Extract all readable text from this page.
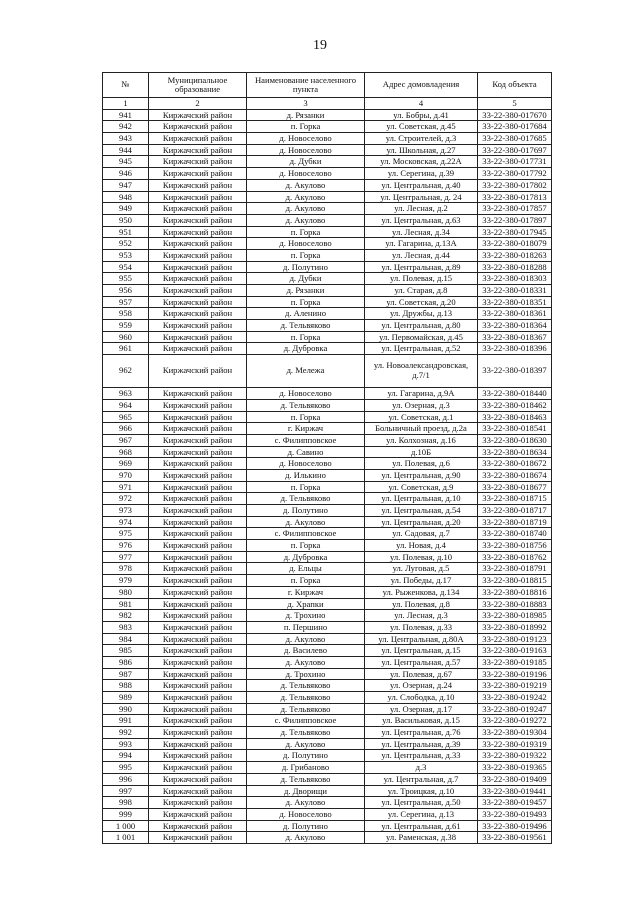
19
№	Муниципальное образование	Наименование населенного пункта	Адрес домовладения	Код объекта
1	2	3	4	5
941	Киржачский район	д. Рязанки	ул. Бобры, д.41	33-22-380-017670
942	Киржачский район	п. Горка	ул. Советская, д.45	33-22-380-017684
943	Киржачский район	д. Новоселово	ул. Строителей, д.3	33-22-380-017685
944	Киржачский район	д. Новоселово	ул. Школьная, д.27	33-22-380-017697
945	Киржачский район	д. Дубки	ул. Московская, д.22А	33-22-380-017731
946	Киржачский район	д. Новоселово	ул. Серегина, д.39	33-22-380-017792
947	Киржачский район	д. Акулово	ул. Центральная, д.40	33-22-380-017802
948	Киржачский район	д. Акулово	ул. Центральная, д. 24	33-22-380-017813
949	Киржачский район	д. Акулово	ул. Лесная, д.2	33-22-380-017857
950	Киржачский район	д. Акулово	ул. Центральная, д.63	33-22-380-017897
951	Киржачский район	п. Горка	ул. Лесная, д.34	33-22-380-017945
952	Киржачский район	д. Новоселово	ул. Гагарина, д.13А	33-22-380-018079
953	Киржачский район	п. Горка	ул. Лесная, д.44	33-22-380-018263
954	Киржачский район	д. Полутино	ул. Центральная, д.89	33-22-380-018288
955	Киржачский район	д. Дубки	ул. Полевая, д.15	33-22-380-018303
956	Киржачский район	д. Рязанки	ул. Старая, д.8	33-22-380-018331
957	Киржачский район	п. Горка	ул. Советская, д.20	33-22-380-018351
958	Киржачский район	д. Аленино	ул. Дружбы, д.13	33-22-380-018361
959	Киржачский район	д. Тельвяково	ул. Центральная, д.80	33-22-380-018364
960	Киржачский район	п. Горка	ул. Первомайская, д.45	33-22-380-018367
961	Киржачский район	д. Дубровка	ул. Центральная, д.52	33-22-380-018396
962	Киржачский район	д. Мележа	ул. Новоалександровская, д.7/1	33-22-380-018397
963	Киржачский район	д. Новоселово	ул. Гагарина, д.9А	33-22-380-018440
964	Киржачский район	д. Тельвяково	ул. Озерная, д.3	33-22-380-018462
965	Киржачский район	п. Горка	ул. Советская, д.1	33-22-380-018463
966	Киржачский район	г. Киржач	Больничный проезд, д.2а	33-22-380-018541
967	Киржачский район	с. Филипповское	ул. Колхозная, д.16	33-22-380-018630
968	Киржачский район	д. Савино	д.10Б	33-22-380-018634
969	Киржачский район	д. Новоселово	ул. Полевая, д.6	33-22-380-018672
970	Киржачский район	д. Илькино	ул. Центральная, д.90	33-22-380-018674
971	Киржачский район	п. Горка	ул. Советская, д.9	33-22-380-018677
972	Киржачский район	д. Тельвяково	ул. Центральная, д.10	33-22-380-018715
973	Киржачский район	д. Полутино	ул. Центральная, д.54	33-22-380-018717
974	Киржачский район	д. Акулово	ул. Центральная, д.20	33-22-380-018719
975	Киржачский район	с. Филипповское	ул. Садовая, д.7	33-22-380-018740
976	Киржачский район	п. Горка	ул. Новая, д.4	33-22-380-018756
977	Киржачский район	д. Дубровка	ул. Полевая, д.10	33-22-380-018762
978	Киржачский район	д. Ельцы	ул. Луговая, д.5	33-22-380-018791
979	Киржачский район	п. Горка	ул. Победы, д.17	33-22-380-018815
980	Киржачский район	г. Киржач	ул. Рыженкова, д.134	33-22-380-018816
981	Киржачский район	д. Храпки	ул. Полевая, д.8	33-22-380-018883
982	Киржачский район	д. Трохино	ул. Лесная, д.3	33-22-380-018985
983	Киржачский район	п. Першино	ул. Полевая, д.33	33-22-380-018992
984	Киржачский район	д. Акулово	ул. Центральная, д.80А	33-22-380-019123
985	Киржачский район	д. Василево	ул. Центральная, д.15	33-22-380-019163
986	Киржачский район	д. Акулово	ул. Центральная, д.57	33-22-380-019185
987	Киржачский район	д. Трохино	ул. Полевая, д.67	33-22-380-019196
988	Киржачский район	д. Тельвяково	ул. Озерная, д.24	33-22-380-019219
989	Киржачский район	д. Тельвяково	ул. Слободка, д.10	33-22-380-019242
990	Киржачский район	д. Тельвяково	ул. Озерная, д.17	33-22-380-019247
991	Киржачский район	с. Филипповское	ул. Васильковая, д.15	33-22-380-019272
992	Киржачский район	д. Тельвяково	ул. Центральная, д.76	33-22-380-019304
993	Киржачский район	д. Акулово	ул. Центральная, д.39	33-22-380-019319
994	Киржачский район	д. Полутино	ул. Центральная, д.33	33-22-380-019322
995	Киржачский район	д. Грибаново	д.3	33-22-380-019365
996	Киржачский район	д. Тельвяково	ул. Центральная, д.7	33-22-380-019409
997	Киржачский район	д. Дворищи	ул. Троицкая, д.10	33-22-380-019441
998	Киржачский район	д. Акулово	ул. Центральная, д.50	33-22-380-019457
999	Киржачский район	д. Новоселово	ул. Серегина, д.13	33-22-380-019493
1 000	Киржачский район	д. Полутино	ул. Центральная, д.61	33-22-380-019496
1 001	Киржачский район	д. Акулово	ул. Раменская, д.38	33-22-380-019561
